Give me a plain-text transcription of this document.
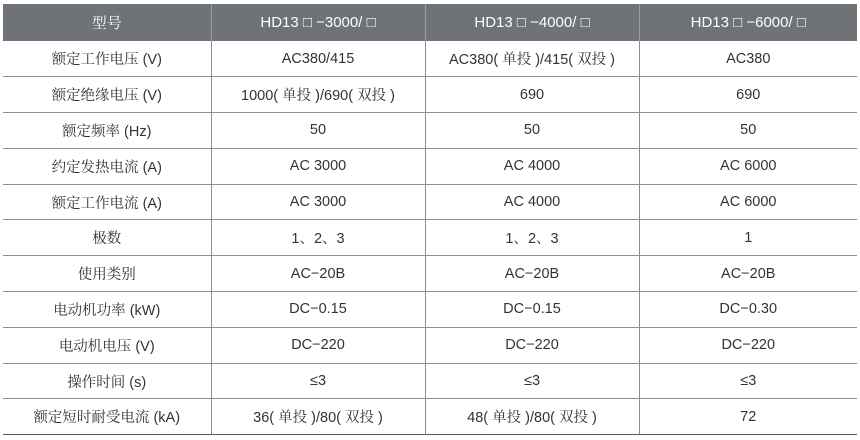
型号	HD13 □ −3000/ □	HD13 □ −4000/ □	HD13 □ −6000/ □
额定工作电压 (V)	AC380/415	AC380( 单投 )/415( 双投 )	AC380
额定绝缘电压 (V)	1000( 单投 )/690( 双投 )	690	690
额定频率 (Hz)	50	50	50
约定发热电流 (A)	AC 3000	AC 4000	AC 6000
额定工作电流 (A)	AC 3000	AC 4000	AC 6000
极数	1、2、3	1、2、3	1
使用类别	AC−20B	AC−20B	AC−20B
电动机功率 (kW)	DC−0.15	DC−0.15	DC−0.30
电动机电压 (V)	DC−220	DC−220	DC−220
操作时间 (s)	≤3	≤3	≤3
额定短时耐受电流 (kA)	36( 单投 )/80( 双投 )	48( 单投 )/80( 双投 )	72
